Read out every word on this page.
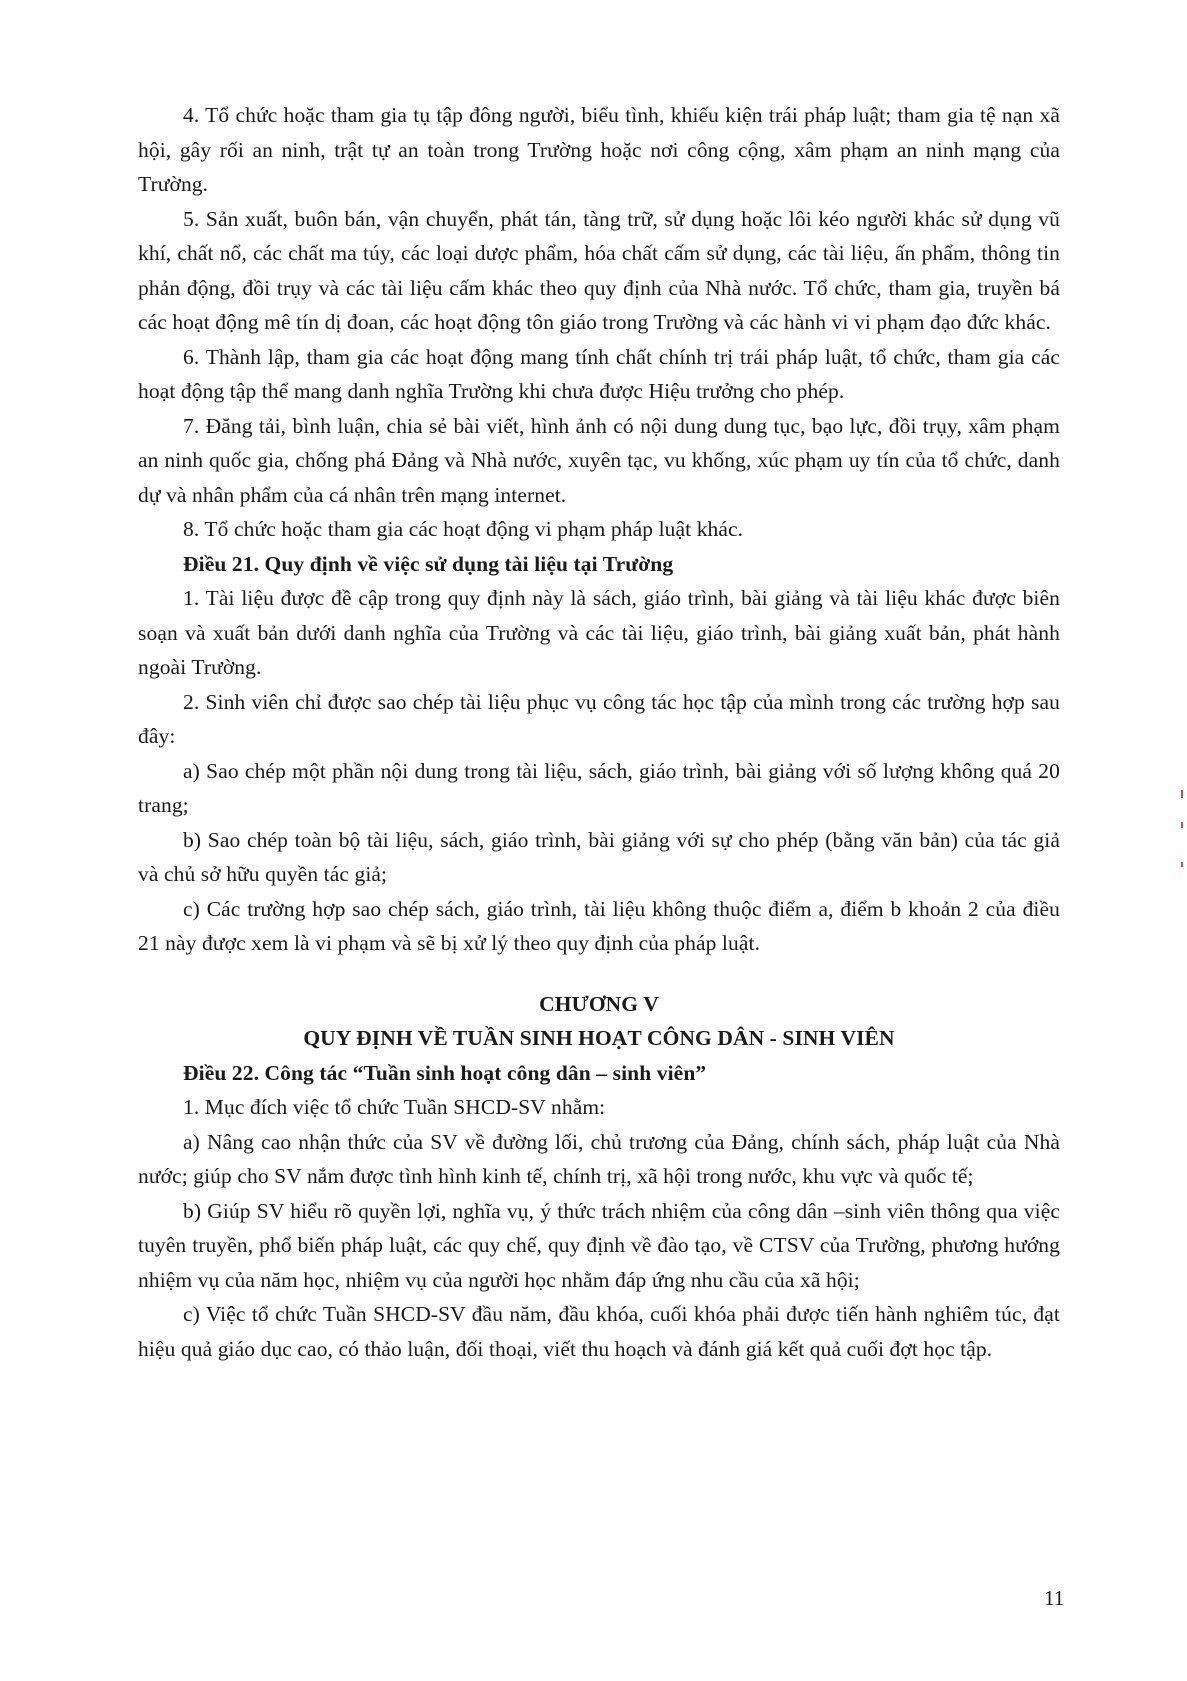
4. Tổ chức hoặc tham gia tụ tập đông người, biểu tình, khiếu kiện trái pháp luật; tham gia tệ nạn xã hội, gây rối an ninh, trật tự an toàn trong Trường hoặc nơi công cộng, xâm phạm an ninh mạng của Trường.

5. Sản xuất, buôn bán, vận chuyển, phát tán, tàng trữ, sử dụng hoặc lôi kéo người khác sử dụng vũ khí, chất nổ, các chất ma túy, các loại dược phẩm, hóa chất cấm sử dụng, các tài liệu, ấn phẩm, thông tin phản động, đồi trụy và các tài liệu cấm khác theo quy định của Nhà nước. Tổ chức, tham gia, truyền bá các hoạt động mê tín dị đoan, các hoạt động tôn giáo trong Trường và các hành vi vi phạm đạo đức khác.

6. Thành lập, tham gia các hoạt động mang tính chất chính trị trái pháp luật, tổ chức, tham gia các hoạt động tập thể mang danh nghĩa Trường khi chưa được Hiệu trưởng cho phép.

7. Đăng tải, bình luận, chia sẻ bài viết, hình ảnh có nội dung dung tục, bạo lực, đồi trụy, xâm phạm an ninh quốc gia, chống phá Đảng và Nhà nước, xuyên tạc, vu khống, xúc phạm uy tín của tổ chức, danh dự và nhân phẩm của cá nhân trên mạng internet.

8. Tổ chức hoặc tham gia các hoạt động vi phạm pháp luật khác.

Điều 21. Quy định về việc sử dụng tài liệu tại Trường

1. Tài liệu được đề cập trong quy định này là sách, giáo trình, bài giảng và tài liệu khác được biên soạn và xuất bản dưới danh nghĩa của Trường và các tài liệu, giáo trình, bài giảng xuất bản, phát hành ngoài Trường.

2. Sinh viên chỉ được sao chép tài liệu phục vụ công tác học tập của mình trong các trường hợp sau đây:

a) Sao chép một phần nội dung trong tài liệu, sách, giáo trình, bài giảng với số lượng không quá 20 trang;

b) Sao chép toàn bộ tài liệu, sách, giáo trình, bài giảng với sự cho phép (bằng văn bản) của tác giả và chủ sở hữu quyền tác giả;

c) Các trường hợp sao chép sách, giáo trình, tài liệu không thuộc điểm a, điểm b khoản 2 của điều 21 này được xem là vi phạm và sẽ bị xử lý theo quy định của pháp luật.

CHƯƠNG V

QUY ĐỊNH VỀ TUẦN SINH HOẠT CÔNG DÂN - SINH VIÊN

Điều 22. Công tác “Tuần sinh hoạt công dân – sinh viên”

1. Mục đích việc tổ chức Tuần SHCD-SV nhằm:

a) Nâng cao nhận thức của SV về đường lối, chủ trương của Đảng, chính sách, pháp luật của Nhà nước; giúp cho SV nắm được tình hình kinh tế, chính trị, xã hội trong nước, khu vực và quốc tế;

b) Giúp SV hiểu rõ quyền lợi, nghĩa vụ, ý thức trách nhiệm của công dân –sinh viên thông qua việc tuyên truyền, phổ biến pháp luật, các quy chế, quy định về đào tạo, về CTSV của Trường, phương hướng nhiệm vụ của năm học, nhiệm vụ của người học nhằm đáp ứng nhu cầu của xã hội;

c) Việc tổ chức Tuần SHCD-SV đầu năm, đầu khóa, cuối khóa phải được tiến hành nghiêm túc, đạt hiệu quả giáo dục cao, có thảo luận, đối thoại, viết thu hoạch và đánh giá kết quả cuối đợt học tập.

11
